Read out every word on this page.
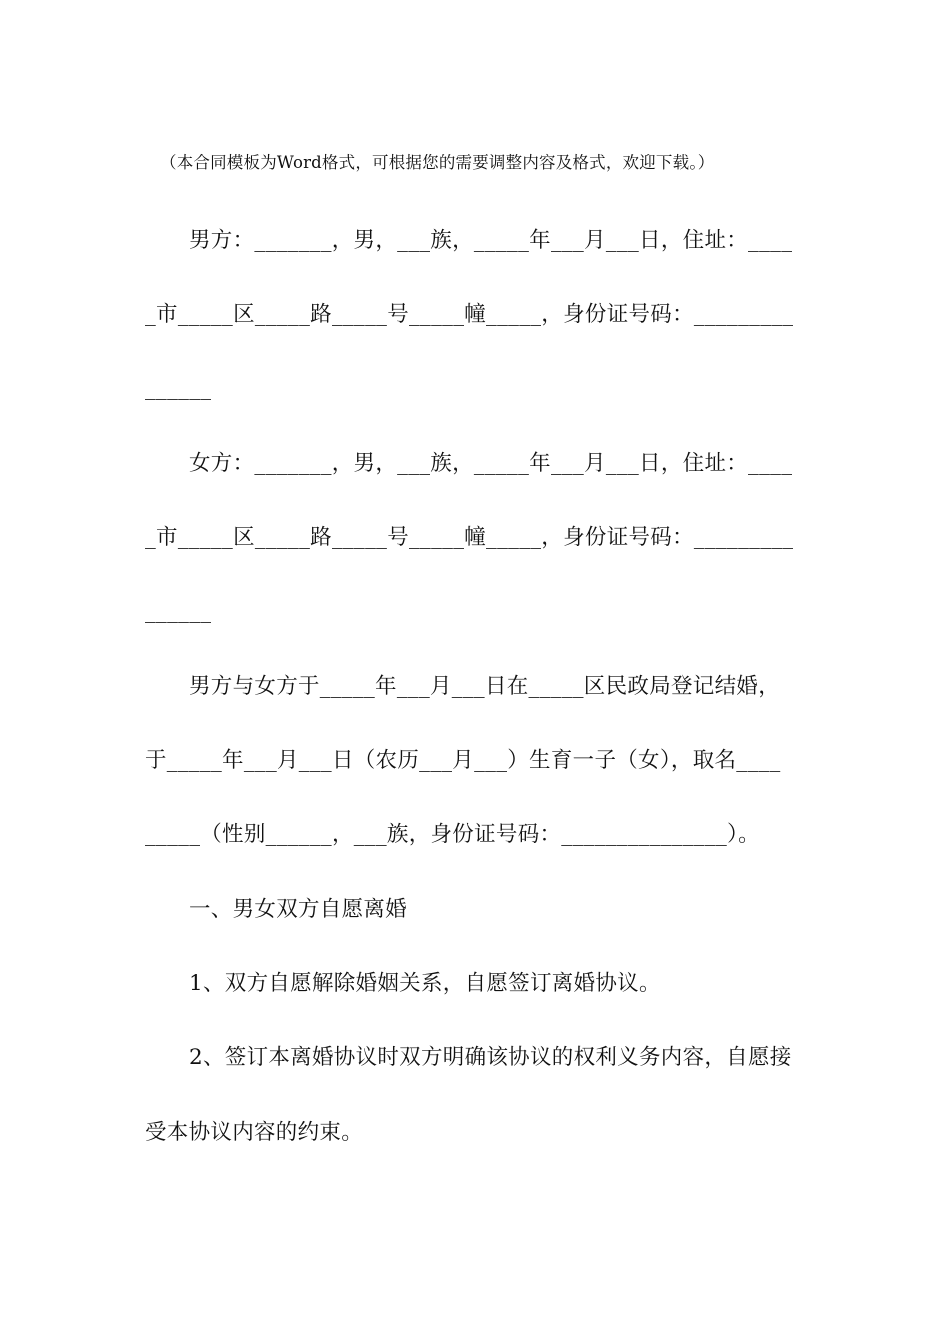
（本合同模板为Word格式，可根据您的需要调整内容及格式，欢迎下载。）
男方：_______，男，___族，_____年___月___日，住址：____
_市_____区_____路_____号_____幢_____，身份证号码：_________
______
女方：_______，男，___族，_____年___月___日，住址：____
_市_____区_____路_____号_____幢_____，身份证号码：_________
______
男方与女方于_____年___月___日在_____区民政局登记结婚，
于_____年___月___日（农历___月___）生育一子（女），取名____
_____（性别______，___族，身份证号码：_______________）。
一、男女双方自愿离婚
1、双方自愿解除婚姻关系，自愿签订离婚协议。
2、签订本离婚协议时双方明确该协议的权利义务内容，自愿接
受本协议内容的约束。
